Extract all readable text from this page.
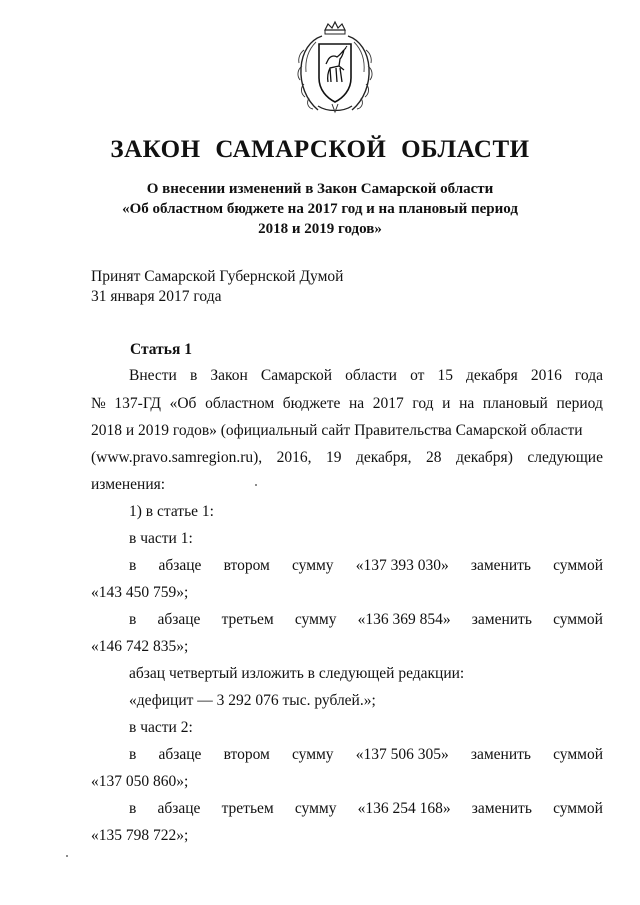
ЗАКОН САМАРСКОЙ ОБЛАСТИ
О внесении изменений в Закон Самарской области
«Об областном бюджете на 2017 год и на плановый период
2018 и 2019 годов»
Принят Самарской Губернской Думой
31 января 2017 года
Статья 1
Внести в Закон Самарской области от 15 декабря 2016 года
№ 137-ГД «Об областном бюджете на 2017 год и на плановый период
2018 и 2019 годов» (официальный сайт Правительства Самарской области
(www.pravo.samregion.ru), 2016, 19 декабря, 28 декабря) следующие
изменения:
1) в статье 1:
в части 1:
в абзаце втором сумму «137 393 030» заменить суммой
«143 450 759»;
в абзаце третьем сумму «136 369 854» заменить суммой
«146 742 835»;
абзац четвертый изложить в следующей редакции:
«дефицит — 3 292 076 тыс. рублей.»;
в части 2:
в абзаце втором сумму «137 506 305» заменить суммой
«137 050 860»;
в абзаце третьем сумму «136 254 168» заменить суммой
«135 798 722»;
